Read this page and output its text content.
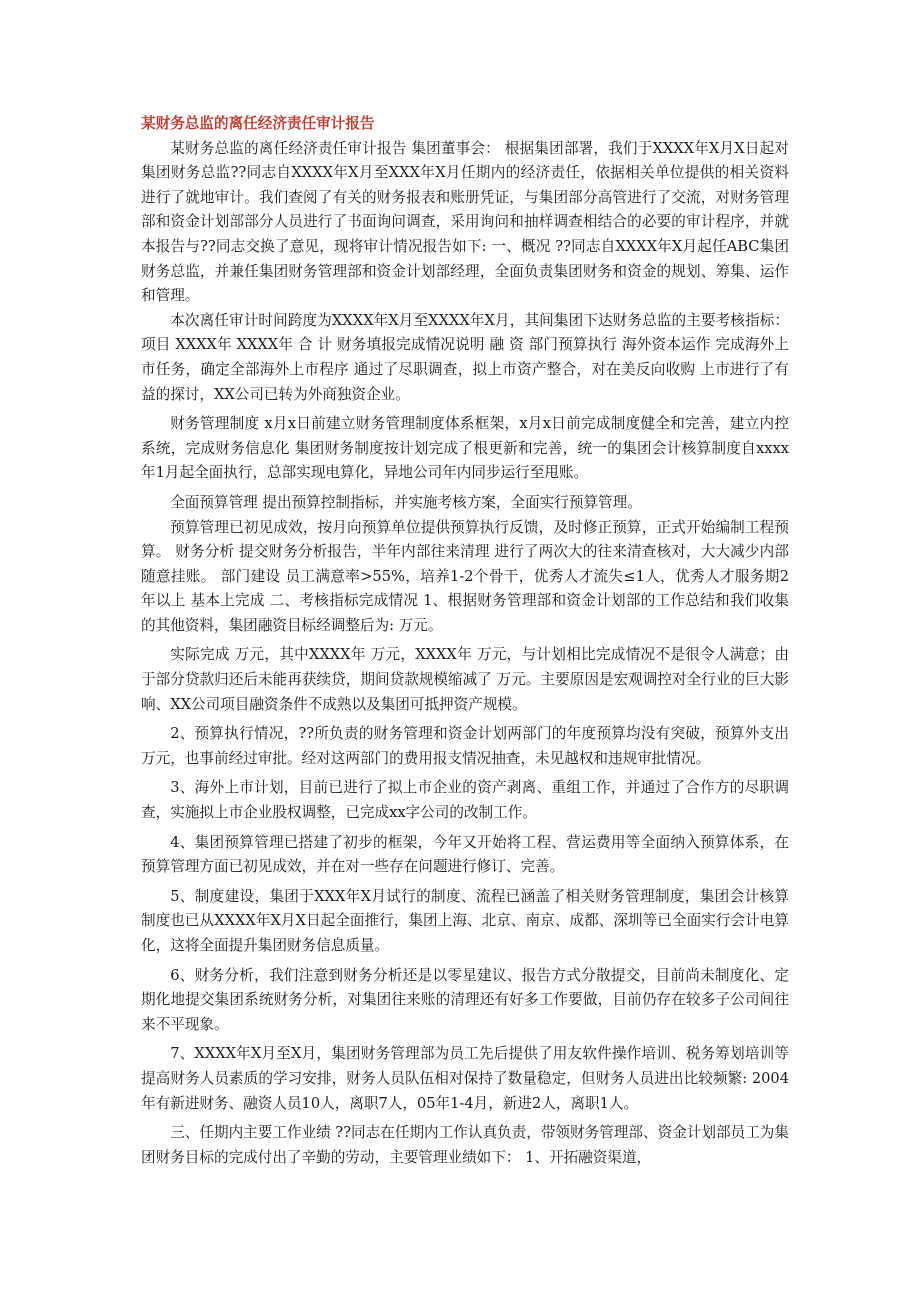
某财务总监的离任经济责任审计报告

某财务总监的离任经济责任审计报告 集团董事会： 根据集团部署，我们于XXXX年X月X日起对集团财务总监??同志自XXXX年X月至XXX年X月任期内的经济责任，依据相关单位提供的相关资料进行了就地审计。我们查阅了有关的财务报表和账册凭证，与集团部分高管进行了交流，对财务管理部和资金计划部部分人员进行了书面询问调查，采用询问和抽样调查相结合的必要的审计程序，并就本报告与??同志交换了意见，现将审计情况报告如下: 一、概况 ??同志自XXXX年X月起任ABC集团财务总监，并兼任集团财务管理部和资金计划部经理，全面负责集团财务和资金的规划、筹集、运作和管理。

本次离任审计时间跨度为XXXX年X月至XXXX年X月，其间集团下达财务总监的主要考核指标： 项目 XXXX年 XXXX年 合 计 财务填报完成情况说明 融 资 部门预算执行 海外资本运作 完成海外上市任务，确定全部海外上市程序 通过了尽职调查，拟上市资产整合，对在美反向收购 上市进行了有益的探讨，XX公司已转为外商独资企业。

财务管理制度 x月x日前建立财务管理制度体系框架，x月x日前完成制度健全和完善，建立内控系统，完成财务信息化 集团财务制度按计划完成了根更新和完善，统一的集团会计核算制度自xxxx年1月起全面执行，总部实现电算化，异地公司年内同步运行至甩账。

全面预算管理 提出预算控制指标，并实施考核方案，全面实行预算管理。

预算管理已初见成效，按月向预算单位提供预算执行反馈，及时修正预算，正式开始编制工程预算。 财务分析 提交财务分析报告，半年内部往来清理 进行了两次大的往来清查核对，大大减少内部随意挂账。 部门建设 员工满意率>55%，培养1-2个骨干，优秀人才流失≤1人，优秀人才服务期2年以上 基本上完成 二、考核指标完成情况 1、根据财务管理部和资金计划部的工作总结和我们收集的其他资料，集团融资目标经调整后为: 万元。

实际完成 万元，其中XXXX年 万元，XXXX年 万元，与计划相比完成情况不是很令人满意；由于部分贷款归还后未能再获续贷，期间贷款规模缩减了 万元。主要原因是宏观调控对全行业的巨大影响、XX公司项目融资条件不成熟以及集团可抵押资产规模。

2、预算执行情况，??所负责的财务管理和资金计划两部门的年度预算均没有突破，预算外支出 万元，也事前经过审批。经对这两部门的费用报支情况抽查，未见越权和违规审批情况。

3、海外上市计划，目前已进行了拟上市企业的资产剥离、重组工作，并通过了合作方的尽职调查，实施拟上市企业股权调整，已完成xx字公司的改制工作。

4、集团预算管理已搭建了初步的框架，今年又开始将工程、营运费用等全面纳入预算体系，在预算管理方面已初见成效，并在对一些存在问题进行修订、完善。

5、制度建设，集团于XXX年X月试行的制度、流程已涵盖了相关财务管理制度，集团会计核算制度也已从XXXX年X月X日起全面推行，集团上海、北京、南京、成都、深圳等已全面实行会计电算化，这将全面提升集团财务信息质量。

6、财务分析，我们注意到财务分析还是以零星建议、报告方式分散提交，目前尚未制度化、定期化地提交集团系统财务分析，对集团往来账的清理还有好多工作要做，目前仍存在较多子公司间往来不平现象。

7、XXXX年X月至X月，集团财务管理部为员工先后提供了用友软件操作培训、税务筹划培训等提高财务人员素质的学习安排，财务人员队伍相对保持了数量稳定，但财务人员进出比较频繁: 2004年有新进财务、融资人员10人，离职7人，05年1-4月，新进2人，离职1人。

三、任期内主要工作业绩 ??同志在任期内工作认真负责，带领财务管理部、资金计划部员工为集团财务目标的完成付出了辛勤的劳动，主要管理业绩如下： 1、开拓融资渠道，
